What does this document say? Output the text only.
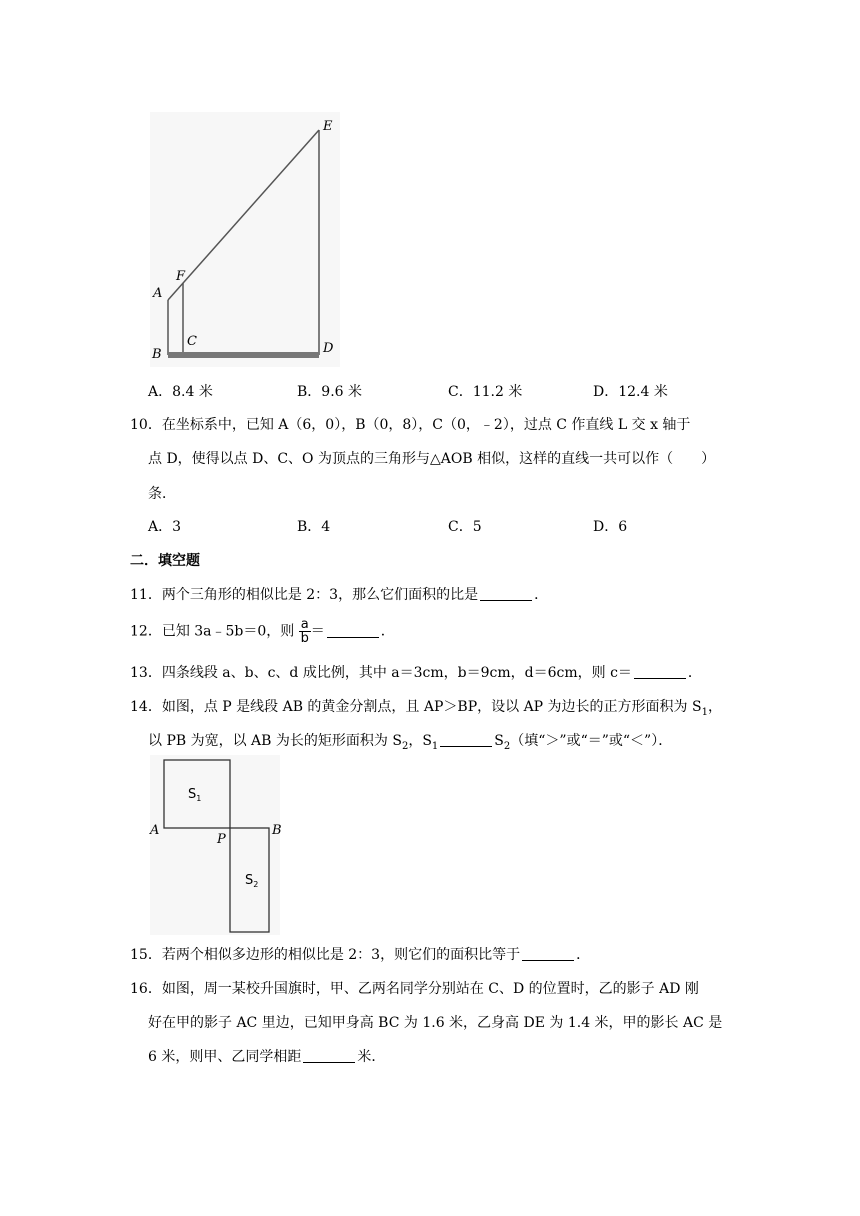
E
F
A
C
B	D
A．8.4 米	B．9.6 米	C．11.2 米	D．12.4 米
10．在坐标系中，已知 A（6，0），B（0，8），C（0，﹣2），过点 C 作直线 L 交 x 轴于
点 D，使得以点 D、C、O 为顶点的三角形与△AOB 相似，这样的直线一共可以作（　　）
条．
A．3	B．4	C．5	D．6
二．填空题
11．两个三角形的相似比是 2：3，那么它们面积的比是	．
12．已知 3a﹣5b＝0，则 $\frac{a}{b}$ ＝	．
13．四条线段 a、b、c、d 成比例，其中 a＝3cm，b＝9cm，d＝6cm，则 c＝	．
14．如图，点 P 是线段 AB 的黄金分割点，且 AP＞BP，设以 AP 为边长的正方形面积为 $S_1$，
以 PB 为宽，以 AB 为长的矩形面积为 $S_2$，$S_1$	$S_2$（填“＞”或“＝”或“＜”）．
$S_1$
$S_2$
A
P
B
15．若两个相似多边形的相似比是 2：3，则它们的面积比等于	．
16．如图，周一某校升国旗时，甲、乙两名同学分别站在 C、D 的位置时，乙的影子 AD 刚
好在甲的影子 AC 里边，已知甲身高 BC 为 1.6 米，乙身高 DE 为 1.4 米，甲的影长 AC 是
6 米，则甲、乙同学相距	米．
